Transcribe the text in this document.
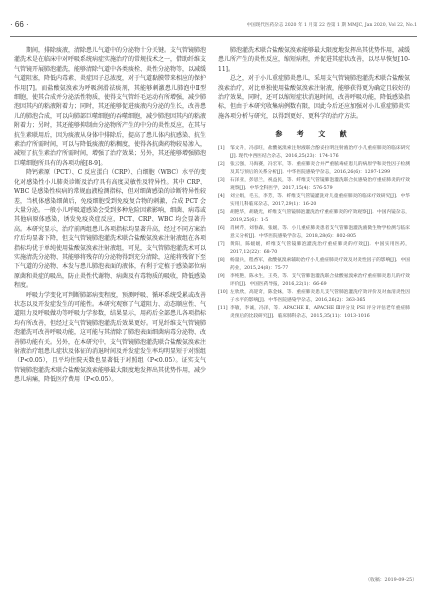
· 66 ·	中国现代医药杂志 2020 年 1 月第 22 卷第 1 期 MMJC, Jan 2020, Vol 22, No.1

期间，排除痰液，清除患儿气道中的分泌物十分关键。支气管镜肺泡灌洗术是在临床中对呼吸系统病症实施治疗的常规技术之一，借助纤维支气管镜开展肺泡灌洗，能够清除气道中各类痰栓、炎性分泌物等，以减缓气道阻塞，降低内毒素、炎症因子总浓度，对于气道黏膜带来相应的保护作用[7]。而盐酸氨溴索为呼吸润滑祛痰剂，其能够刺激患儿肺泡中Ⅱ型细胞，使其合成并分泌活性物质，使得支气管纤毛运动有所增强，减少肺泡因其内的粘液附着力；同时，其还能够促进痰液内分泌的生长，改善患儿的肺泡合成，可以向肺部巨噬细胞的吞噬细胞，减少肺泡因其内的粘液附着力；另时，其还能够抑制由分泌物所产生的中分的炎性反应，在其与抗生素联用后，因为痰液从身体中排除后，提高了患儿体内抗感染、抗生素治疗所需时间，可以与降低痰液的粘稠度，使得各抗菌药物较易渗入，减短了抗生素治疗所需时间，增强了治疗效果；另外，其还能够增强肺泡巨噬细胞所具有的各项功能[8-9]。

降钙素原（PCT）、C 反应蛋白（CRP）、白细胞（WBC）水平的变化对感染性小儿肺炎诊断及治疗具有高度灵敏性及特异性。其中 CRP、WBC 是感染性疾病的常规血液检测指标，但对细菌感染的诊断特异性较差，当机体感染细菌后，免疫细胞受到免疫复合物的刺激，合成 PCT 会大量分泌。一般小儿呼吸道感染会受到多种危险因素影响，细菌、病毒或其他病原体感染，诱发免疫炎症反应，PCT、CRP、WBC 均会显著升高。本研究显示，治疗前两组患儿各项指标均显著升高，经过不同方案治疗后均显著下降，但支气管镜肺泡灌洗术联合盐酸氨溴索注射液组在各项指标均优于单纯使用盐酸氨溴索注射液组，可见，支气管肺泡灌洗术可以实施清洗分泌物、其能够将残存的分泌物得到充分清除，这能将残留下至下气道的分泌物、本发与患儿肺泡表面的液体，有利于定植于感染部位病原菌和炎症的吸出，防止炎性代谢物、病菌及有毒物质的吸收，降低感染程度。

呼吸力学变化可判断肺部病变程度，预测呼吸、循环系统受累或改善状态以及开发症发生的可能性。本研究观察了气道阻力、动态顺应性、气道阻力及呼吸做功等呼吸力学参数，结果显示，用药后全部患儿各项指标均有所改善，但经过支气管镜肺泡灌洗后效果更好。可见纤维支气管镜肺泡灌洗可改善呼吸功能，这可能与其清除了肺泡表面细菌病毒分泌物、改善肺功能有关。另外，在本研究中，支气管镜肺泡灌洗联合盐酸氨溴索注射液治疗组患儿症状及体征的消退时间及并发症发生率均明显短于对照组（P<0.05），且平均住院天数也显著低于对照组（P<0.05）。证实支气管镜肺泡灌洗术联合盐酸氨溴索能够最大限度地发挥出其优势作用，减少患儿病痛，降低医疗费用（P<0.05）。

肺泡灌洗术联合盐酸氨溴索能够最大限度地发挥出其优势作用，减缓患儿所产生的炎性反应，缩短病程，并促进其症状改善，以尽早恢复[10-11]。

总之，对于小儿重症肺炎患儿，采用支气管镜肺泡灌洗术联合盐酸氨溴索治疗，对比单独使用盐酸氨溴索注射液，能够获得更为确定且较好的治疗效果，同时，还可以缩短症状消退时间，改善呼吸功能，降低感染指标，但由于本研究收集病例数有限，因此今后还应加强对小儿重症肺炎实施各项分析与研究，以得到更好、更科学的治疗方法。

参 考 文 献
[1]	邹文升，冯彦旺，盐酸氨溴索注射液联合酚妥拉明注射液治疗小儿重症肺炎的临床研究[J]. 现代中西医结合杂志，2016,25(23)：174-176
[2]	张云强，马海赛，冯宏军，等．重症肺炎合并严重脓毒症患儿的病原学和炎性因子检测及其与预后的关系分析[J]．中华医院感染学杂志，2016,26(6)：1297-1299
[3]	石泽亚，彭思兰，祝益民，等．纤维支气管镜肺泡灌洗联合抗感染治疗重症肺炎的疗效观察[J]．中华全科医学，2017,15(4)：576-579
[4]	刘立娟，毛玉，李芳，等．纤维支气管镜灌洗对儿童重症肺炎的临床疗效研究[J]．中华实用儿科临床杂志，2017,29(1)：16-20
[5]	胡艳华，胡晓光，纤维支气管镜肺泡灌洗治疗重症肺炎的疗效观察[J]．中国内镜杂志，2019,25(6)：1-5
[6]	肖树芹，刘春森，张媛，等．小儿重症肺炎患者支气管肺泡灌洗液微生物学检测与临床意义分析[J]．中华医院感染学杂志，2018,28(6)：802-805
[7]	黄阳，陈媛媛，纤维支气管镜肺泡灌洗治疗重症肺炎的疗效[J]．中国实用医药，2017,12(22)：68-70
[8]	杨量兵，程香军，盐酸氨溴索辅助治疗小儿重症肺炎疗效及对炎性因子的影响[J]．中国药业，2015,24(8)：75-77
[9]	李纯艳，陈永生，王英，等．支气管肺泡灌洗联合盐酸氨溴索治疗重症肺炎患儿的疗效评价[J]．中国医药导报，2016,22(1)：66-69
[10] 左欣欣，高迎奇，陈金妹，等．重症肺炎患儿支气管肺泡灌洗疗效评价及对血清炎性因子水平的影响[J]．中华医院感染学杂志，2016,26(2)：363-365
[11] 李敏，李诚，冯泽，等．APACHE Ⅱ、APACHE Ⅲ评分及 PSI 评分评估老年重症肺炎预后的比较研究[J]．临床肺科杂志，2015,35(11)：1013-1016
（收稿：2019-09-25）
